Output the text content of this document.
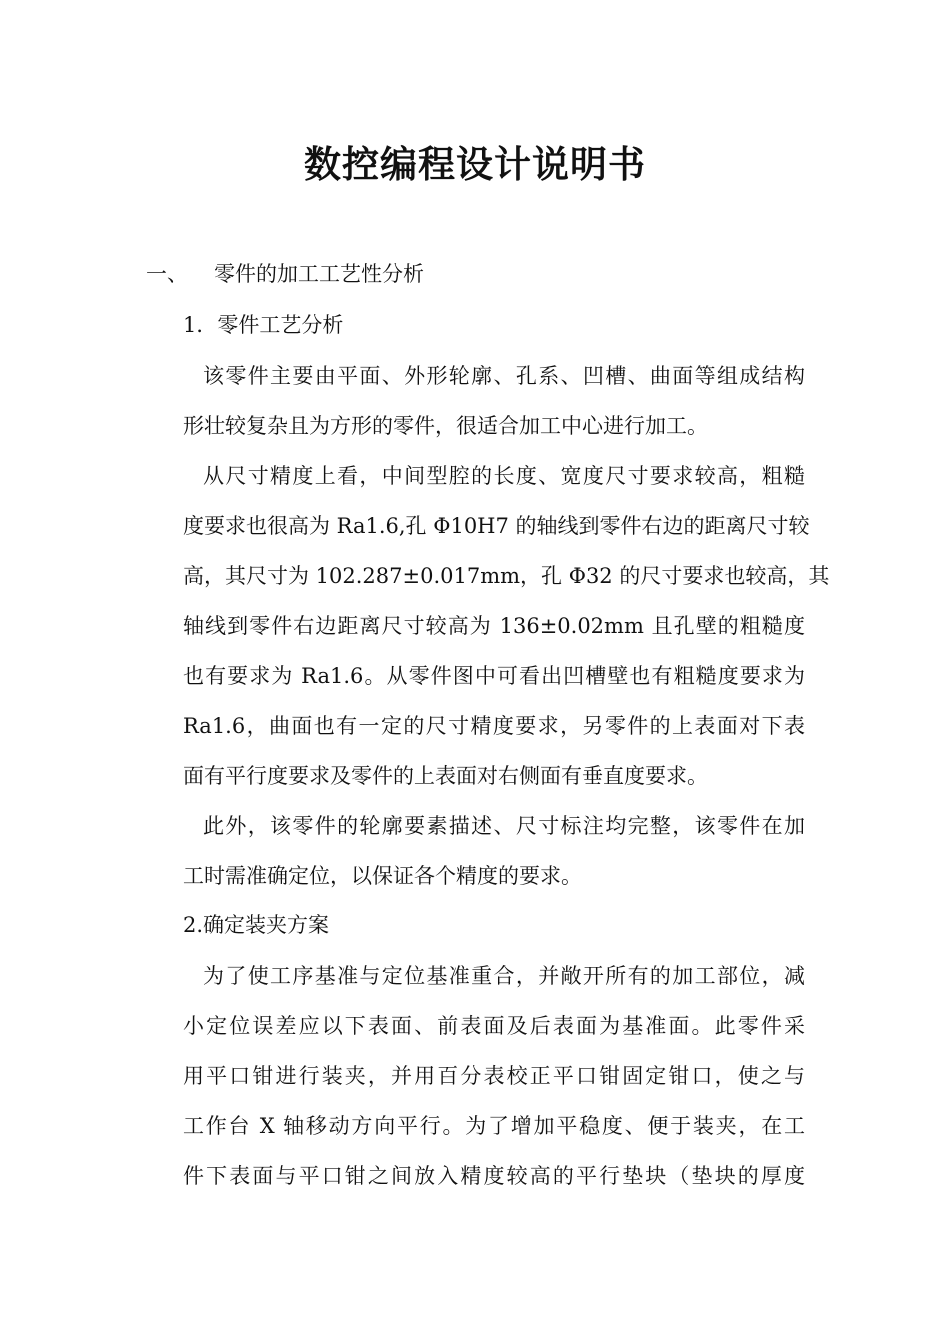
数控编程设计说明书
一、 零件的加工工艺性分析
1．零件工艺分析
该零件主要由平面、外形轮廓、孔系、凹槽、曲面等组成结构
形壮较复杂且为方形的零件，很适合加工中心进行加工。
从尺寸精度上看，中间型腔的长度、宽度尺寸要求较高，粗糙
度要求也很高为 Ra1.6,孔 Φ10H7 的轴线到零件右边的距离尺寸较
高，其尺寸为 102.287±0.017mm，孔 Φ32 的尺寸要求也较高，其
轴线到零件右边距离尺寸较高为 136±0.02mm 且孔壁的粗糙度
也有要求为 Ra1.6。从零件图中可看出凹槽壁也有粗糙度要求为
Ra1.6，曲面也有一定的尺寸精度要求，另零件的上表面对下表
面有平行度要求及零件的上表面对右侧面有垂直度要求。
此外，该零件的轮廓要素描述、尺寸标注均完整，该零件在加
工时需准确定位，以保证各个精度的要求。
2.确定装夹方案
为了使工序基准与定位基准重合，并敞开所有的加工部位，减
小定位误差应以下表面、前表面及后表面为基准面。此零件采
用平口钳进行装夹，并用百分表校正平口钳固定钳口，使之与
工作台 X 轴移动方向平行。为了增加平稳度、便于装夹，在工
件下表面与平口钳之间放入精度较高的平行垫块（垫块的厚度
